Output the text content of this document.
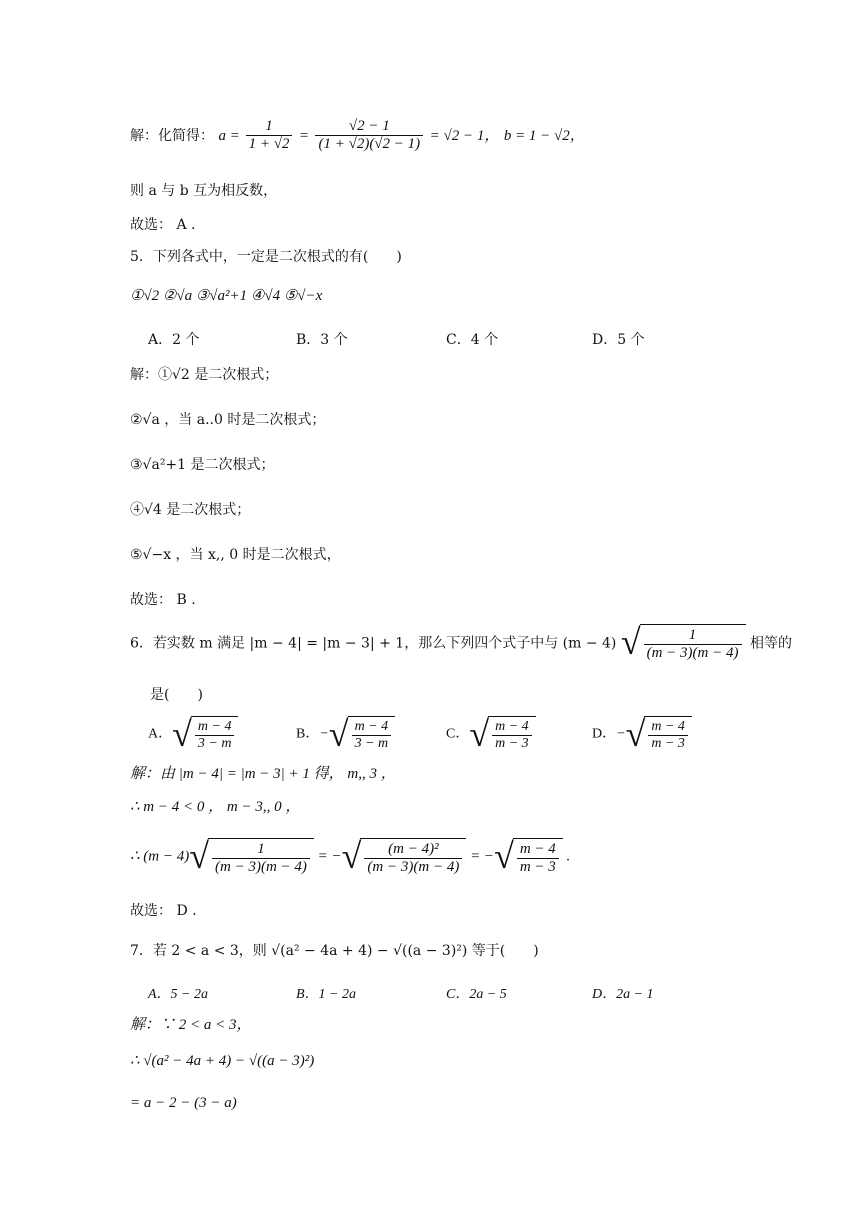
解：化简得： $a = \frac{1}{1 + √2} = \frac{√2 - 1}{(1 + √2)(√2 - 1)} = √2 - 1$， b = 1 − √2，
则 a 与 b 互为相反数，
故选： A .
5．下列各式中，一定是二次根式的有(　　)
①√2 ②√a ③√a²+1 ④√4 ⑤√−x
A．2 个	B．3 个	C．4 个	D．5 个
解：①√2 是二次根式；
②√a ，当 a..0 时是二次根式；
③√a²+1 是二次根式；
④√4 是二次根式；
⑤√−x ，当 x,, 0 时是二次根式，
故选： B .
6．若实数 m 满足 |m − 4| = |m − 3| + 1，那么下列四个式子中与 (m − 4) √ $\frac{1}{(m - 3)(m - 4)}$ 相等的
是(　　)
A．√ $\frac{m - 4}{3 - m}$	B．−√ $\frac{m - 4}{3 - m}$	C．√ $\frac{m - 4}{m - 3}$	D．−√ $\frac{m - 4}{m - 3}$
解：由 |m − 4| = |m − 3| + 1 得， m,, 3 ，
∴ m − 4 < 0 ， m − 3,, 0 ，
∴ $(m - 4)√ \frac{1}{(m - 3)(m - 4)}$ = −√ $\frac{\text{(m − 4)²}}{(m - 3)(m - 4)}$ = −√ $\frac{m - 4}{m - 3}$ .
故选： D .
7．若 2 < a < 3，则 √(a² − 4a + 4) − √((a − 3)²) 等于(　　)
A．5 − 2a	B．1 − 2a	C．2a − 5	D．2a − 1
解：∵ 2 < a < 3，
∴ √(a² − 4a + 4) − √((a − 3)²)
= a − 2 − (3 − a)
